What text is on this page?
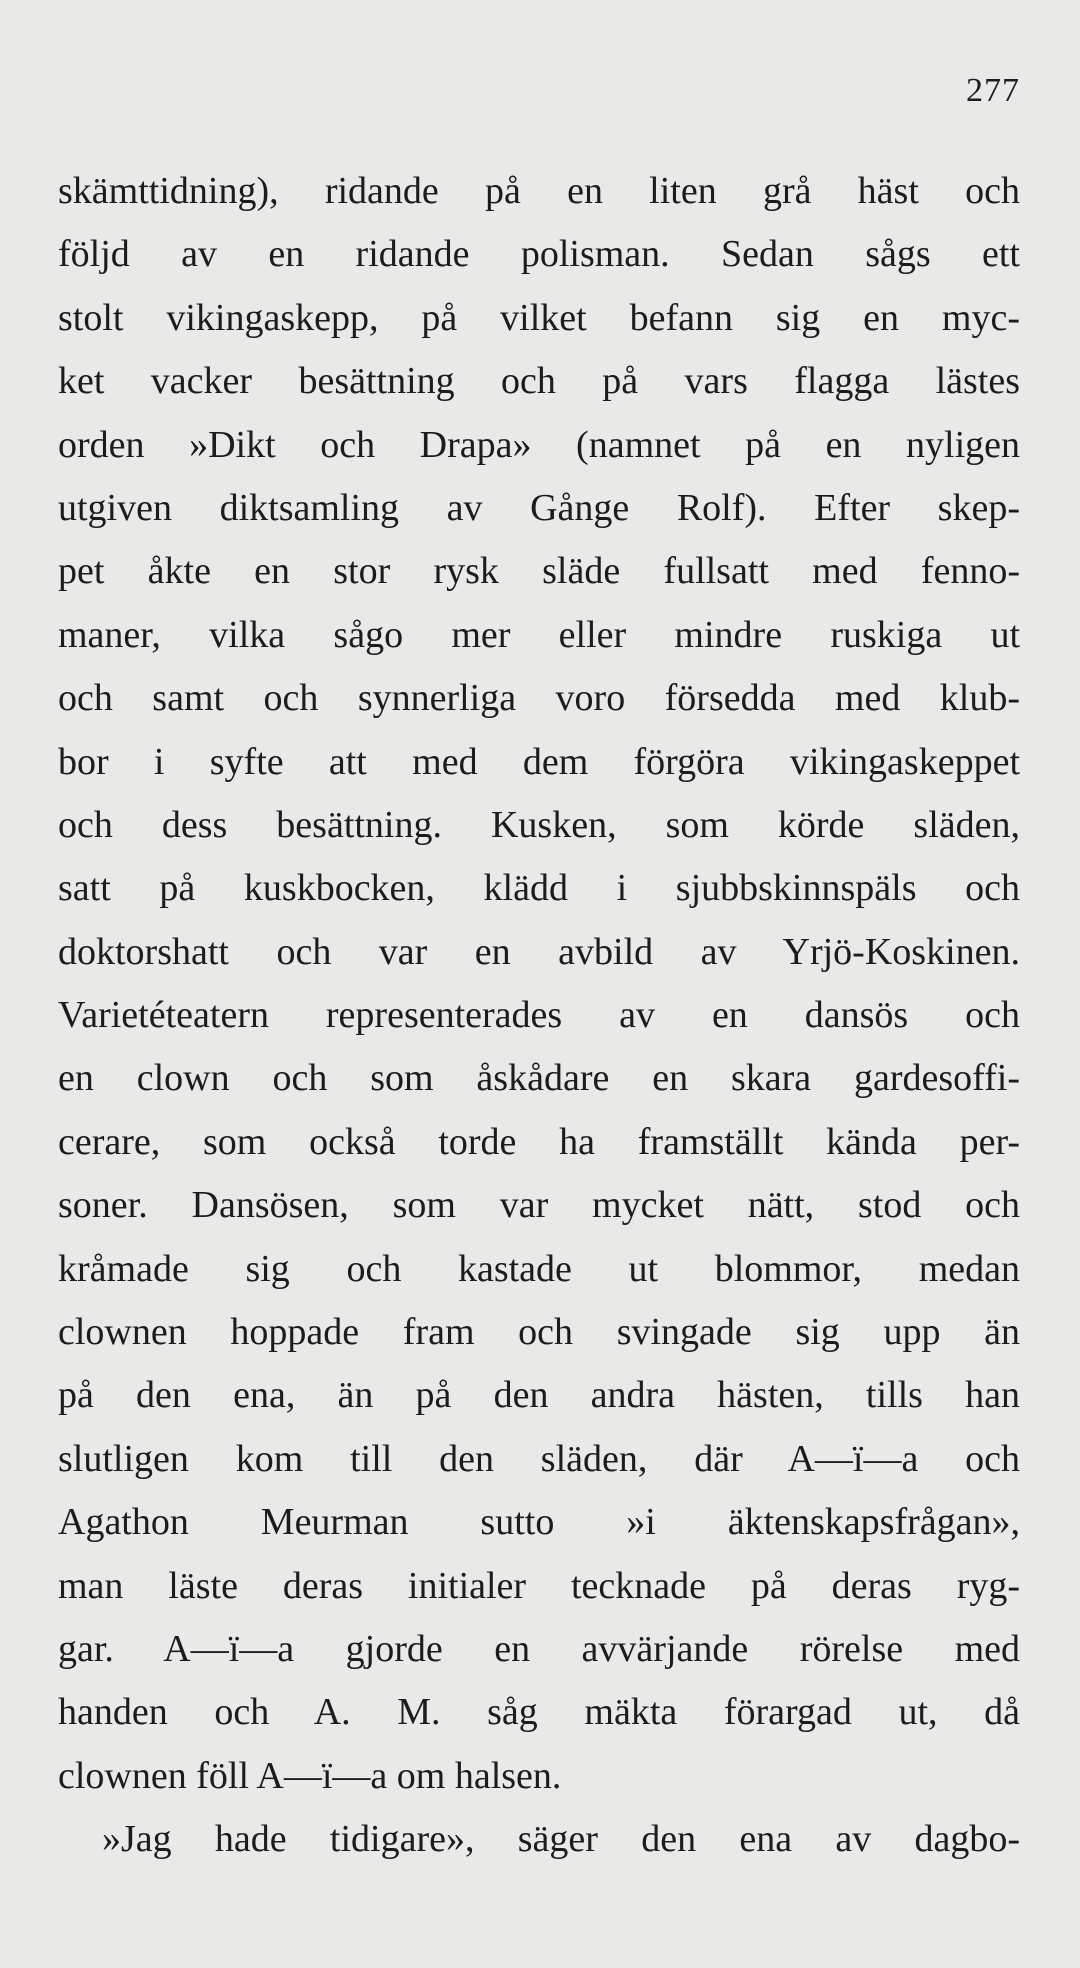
277
skämttidning), ridande på en liten grå häst och
följd av en ridande polisman. Sedan sågs ett
stolt vikingaskepp, på vilket befann sig en myc-
ket vacker besättning och på vars flagga lästes
orden »Dikt och Drapa» (namnet på en nyligen
utgiven diktsamling av Gånge Rolf). Efter skep-
pet åkte en stor rysk släde fullsatt med fenno-
maner, vilka sågo mer eller mindre ruskiga ut
och samt och synnerliga voro försedda med klub-
bor i syfte att med dem förgöra vikingaskeppet
och dess besättning. Kusken, som körde släden,
satt på kuskbocken, klädd i sjubbskinnspäls och
doktorshatt och var en avbild av Yrjö-Koskinen.
Varietéteatern representerades av en dansös och
en clown och som åskådare en skara gardesoffi-
cerare, som också torde ha framställt kända per-
soner. Dansösen, som var mycket nätt, stod och
kråmade sig och kastade ut blommor, medan
clownen hoppade fram och svingade sig upp än
på den ena, än på den andra hästen, tills han
slutligen kom till den släden, där A—ï—a och
Agathon Meurman sutto »i äktenskapsfrågan»,
man läste deras initialer tecknade på deras ryg-
gar. A—ï—a gjorde en avvärjande rörelse med
handen och A. M. såg mäkta förargad ut, då
clownen föll A—ï—a om halsen.
»Jag hade tidigare», säger den ena av dagbo-
